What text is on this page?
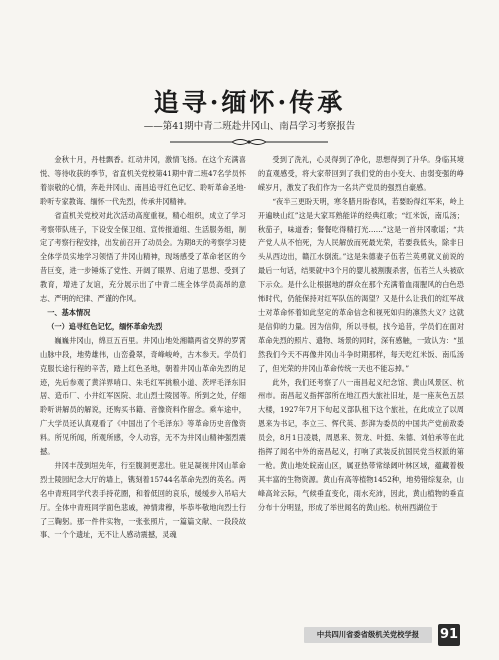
追寻·缅怀·传承
——第41期中青二班赴井冈山、南昌学习考察报告

金秋十月，丹桂飘香。红动井冈，激情飞扬。在这个充满喜悦、等待收获的季节，省直机关党校第41期中青二班47名学员怀着崇敬的心情，奔赴井冈山、南昌追寻红色记忆、聆听革命圣地·聆听专家教诲、缅怀一代先烈，传承井冈精神。

省直机关党校对此次活动高度重视，精心组织，成立了学习考察带队班子，下设安全保卫组、宣传报道组、生活服务组，制定了考察行程安排，出发前召开了动员会。为期8天的考察学习使全体学员实地学习领悟了井冈山精神，现场感受了革命老区的今昔巨变，进一步锤炼了党性、开阔了眼界、启迪了思想、受到了教育，增进了友谊，充分展示出了中青二班全体学员高昂的意志、严明的纪律、严谨的作风。

一、基本情况

（一）追寻红色记忆，缅怀革命先烈

巍巍井冈山，绵亘五百里。井冈山地处湘赣两省交界的罗霄山脉中段，地势雄伟，山峦叠翠，奇峰峻岭，古木参天。学员们克服长途行程的辛苦，踏上红色圣地，朝着井冈山革命先烈的足迹，先后参观了黄洋界哨口、朱毛红军挑粮小道、茨坪毛泽东旧居、造币厂、小井红军医院、北山烈士陵园等。所到之处，仔细聆听讲解员的解说，还购买书籍、音像资料作留念。乘车途中，广大学员还认真观看了《中国出了个毛泽东》等革命历史音像资料。所见所闻，所观所感，令人动容，无不为井冈山精神强烈震撼。

井冈丰茂到垣先年，行至腹洞更悲壮。驻足凝视井冈山革命烈士陵园纪念大厅的墙上，镌刻着15744名革命先烈的英名。两名中青班同学代表手持花圈，和着低回的哀乐，缓缓步入吊唁大厅。全体中青班同学面色悲戚，神情肃穆，毕恭毕敬地向烈士行了三鞠躬。那一件件实物，一张张照片，一篇篇文献、一段段故事、一个个遗址，无不让人感动震撼，灵魂

受到了洗礼，心灵得到了净化，思想得到了升华。身临其境的直观感受，将大家带回到了我们党的由小变大、由弱变强的峥嵘岁月，激发了我们作为一名共产党员的强烈自豪感。

“夜半三更盼天明，寒冬腊月盼春风，若要盼得红军来，岭上开遍映山红”这是大家耳熟能详的经典红歌；“红米饭，南瓜汤；秋茄子，味道香；餐餐吃得精打光……”这是一首井冈歌谣；“共产党人从不怕死，为人民解放而死最光荣，若要我低头，除非日头从西边出，赣江水倒流。”这是朱德妻子伍若兰英勇就义前说的最后一句话，结果就中3个月的婴儿被割腹杀害，伍若兰人头被砍下示众。是什么让根据地的群众在那个充满着血雨腥风的白色恐怖时代，仍能保持对红军队伍的渴望？又是什么让我们的红军战士对革命怀着如此坚定的革命信念和视死如归的凛然大义？这就是信仰的力量。因为信仰，所以寻根，找今追昔，学员们在面对革命先烈的照片、遗物、场景的同时，深有感触，一致认为：“虽然我们今天不再像井冈山斗争时期那样，每天吃红米饭、南瓜汤了，但光荣的井冈山革命传统一天也不能忘掉。”

此外，我们还考察了八一南昌起义纪念馆、黄山风景区、杭州市。南昌起义指挥部所在地江西大旅社旧址，是一座灰色五层大楼，1927年7月下旬起义部队租下这个旅社，在此成立了以周恩来为书记，李立三、恽代英、彭湃为委员的中国共产党前敌委员会，8月1日凌晨，周恩来、贺龙、叶挺、朱德、刘伯承等在此指挥了闻名中外的南昌起义，打响了武装反抗国民党当权派的第一枪。黄山地处皖南山区，属亚热带常绿阔叶林区域，蕴藏着极其丰富的生物资源。黄山有高等植物1452种，地势错综复杂，山峰高耸云际，气候垂直变化，雨水充沛，因此，黄山植物的垂直分布十分明显，形成了举世闻名的黄山松。杭州西湖位于

中共四川省委省级机关党校学报	91
